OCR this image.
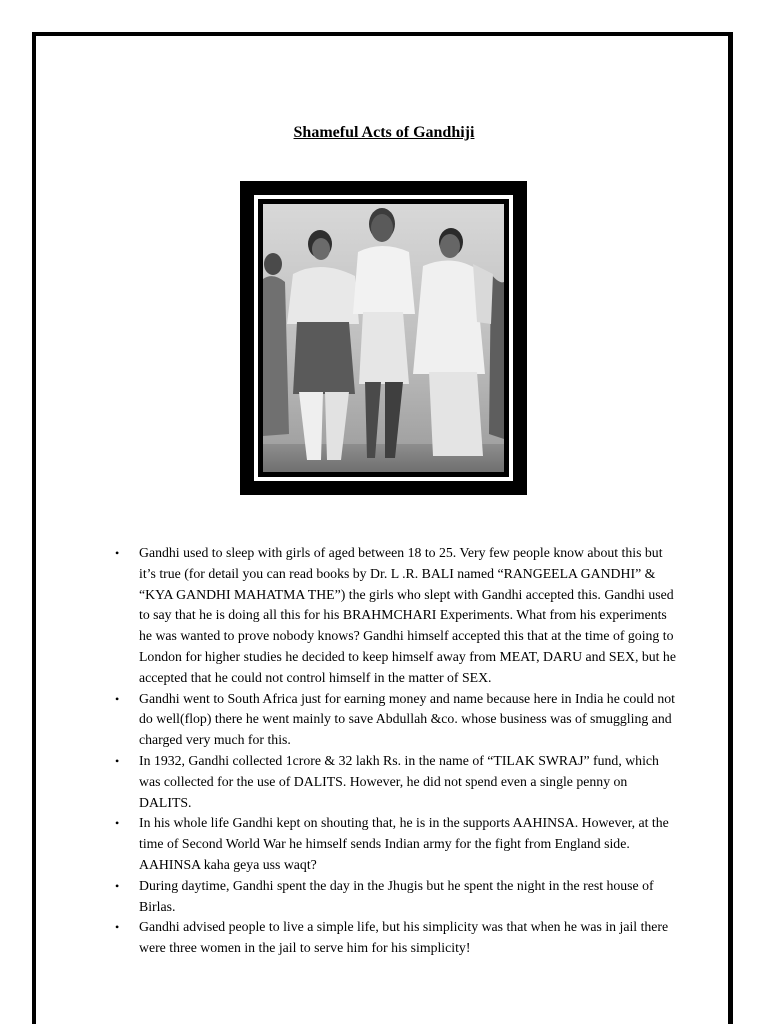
Shameful Acts of Gandhiji
• Gandhi used to sleep with girls of aged between 18 to 25. Very few people know about this but it’s true (for detail you can read books by Dr. L .R. BALI named “RANGEELA GANDHI” & “KYA GANDHI MAHATMA THE”) the girls who slept with Gandhi accepted this. Gandhi used to say that he is doing all this for his BRAHMCHARI Experiments. What from his experiments he was wanted to prove nobody knows? Gandhi himself accepted this that at the time of going to London for higher studies he decided to keep himself away from MEAT, DARU and SEX, but he accepted that he could not control himself in the matter of SEX.
• Gandhi went to South Africa just for earning money and name because here in India he could not do well(flop) there he went mainly to save Abdullah &co. whose business was of smuggling and charged very much for this.
• In 1932, Gandhi collected 1crore & 32 lakh Rs. in the name of “TILAK SWRAJ” fund, which was collected for the use of DALITS. However, he did not spend even a single penny on DALITS.
• In his whole life Gandhi kept on shouting that, he is in the supports AAHINSA. However, at the time of Second World War he himself sends Indian army for the fight from England side. AAHINSA kaha geya uss waqt?
• During daytime, Gandhi spent the day in the Jhugis but he spent the night in the rest house of Birlas.
• Gandhi advised people to live a simple life, but his simplicity was that when he was in jail there were three women in the jail to serve him for his simplicity!
